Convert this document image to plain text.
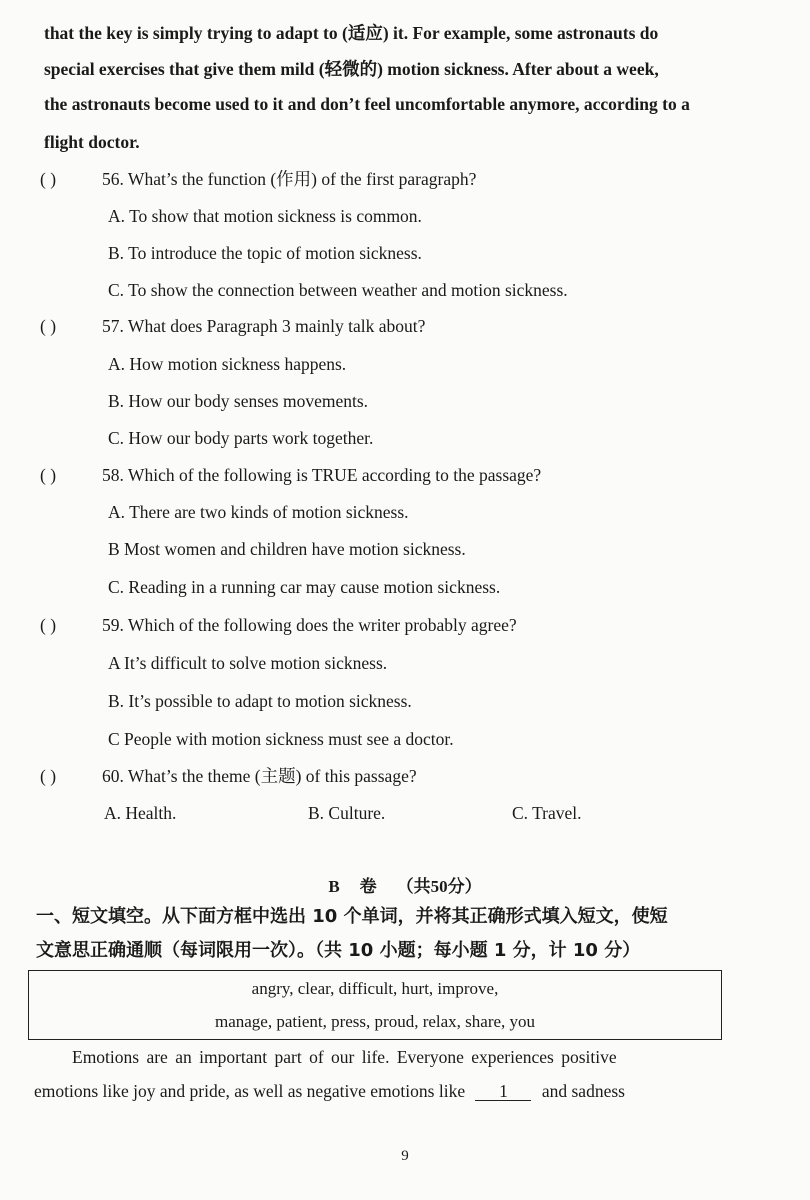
that the key is simply trying to adapt to (适应) it. For example, some astronauts do
special exercises that give them mild (轻微的) motion sickness. After about a week,
the astronauts become used to it and don’t feel uncomfortable anymore, according to a
flight doctor.
( )	56. What’s the function (作用) of the first paragraph?
A. To show that motion sickness is common.
B. To introduce the topic of motion sickness.
C. To show the connection between weather and motion sickness.
( )	57. What does Paragraph 3 mainly talk about?
A. How motion sickness happens.
B. How our body senses movements.
C. How our body parts work together.
( )	58. Which of the following is TRUE according to the passage?
A. There are two kinds of motion sickness.
B Most women and children have motion sickness.
C. Reading in a running car may cause motion sickness.
( )	59. Which of the following does the writer probably agree?
A It’s difficult to solve motion sickness.
B. It’s possible to adapt to motion sickness.
C People with motion sickness must see a doctor.
( )	60. What’s the theme (主题) of this passage?
A. Health.	B. Culture.	C. Travel.
B 卷 （共50分）
一、短文填空。从下面方框中选出 10 个单词，并将其正确形式填入短文，使短
文意思正确通顺（每词限用一次）。（共 10 小题；每小题 1 分，计 10 分）
angry, clear, difficult, hurt, improve,
manage, patient, press, proud, relax, share, you
Emotions are an important part of our life. Everyone experiences positive
emotions like joy and pride, as well as negative emotions like 1 and sadness
9
